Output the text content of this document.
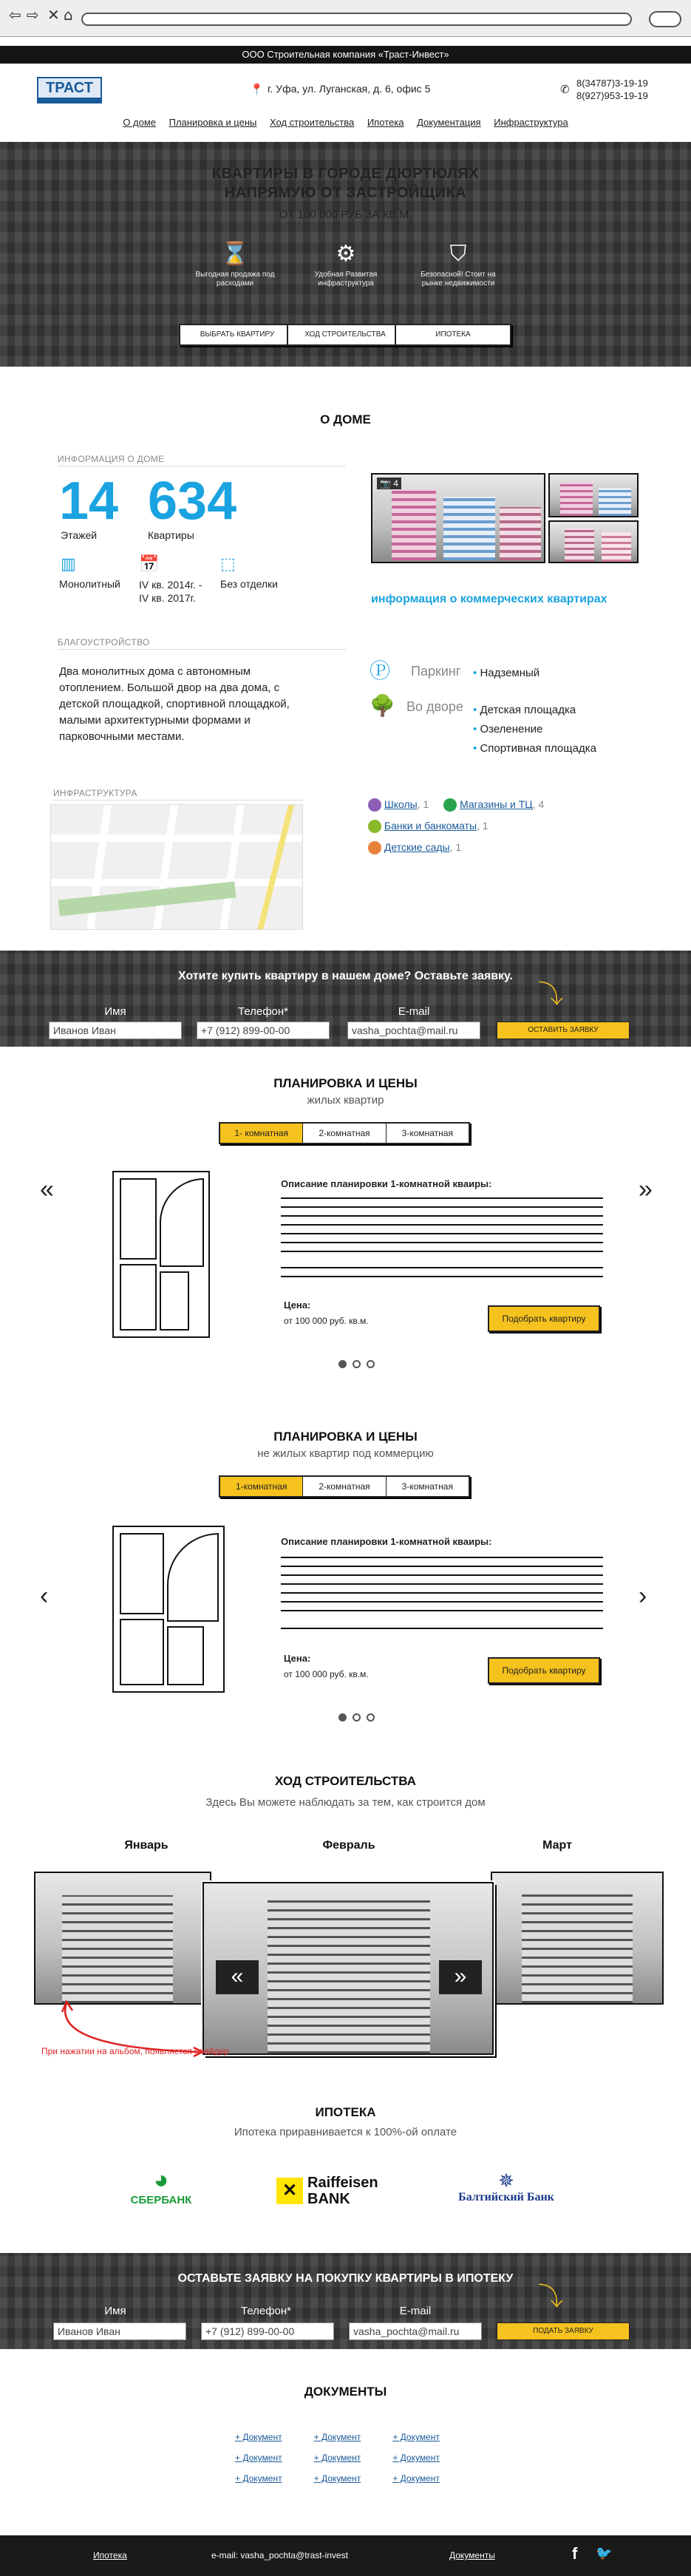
⇦ ⇨ ✕ ⌂
ООО Строительная компания «Траст-Инвест»
ТРАСТ	📍 г. Уфа, ул. Луганская, д. 6, офис 5	✆
8(34787)3-19-19
8(927)953-19-19
О доме Планировка и цены Ход строительства Ипотека Документация Инфраструктура
КВАРТИРЫ В ГОРОДЕ ДЮРТЮЛЯХ
НАПРЯМУЮ ОТ ЗАСТРОЙЩИКА
ОТ 100 000 РУБ ЗА КВ.М.
⌛
Выгодная продажа под расходами
⚙
Удобная Развитая инфраструктура
⛉
Безопасной! Стоит на рынке недвижимости
ВЫБРАТЬ КВАРТИРУ	ХОД СТРОИТЕЛЬСТВА	ИПОТЕКА
О ДОМЕ
ИНФОРМАЦИЯ О ДОМЕ
14
Этажей
634
Квартиры
▥
Монолитный
📅
IV кв. 2014г. -
IV кв. 2017г.
⬚
Без отделки
📷 4
информация о коммерческих квартирах
БЛАГОУСТРОЙСТВО
Два монолитных дома с автономным отоплением. Большой двор на два дома, с детской площадкой, спортивной площадкой, малыми архитектурными формами и парковочными местами.
Ⓟ Паркинг • Надземный
🌳 Во дворе • Детская площадка
• Озеленение
• Спортивная площадка
ИНФРАСТРУКТУРА
Школы, 1	Магазины и ТЦ, 4
Банки и банкоматы, 1
Детские сады, 1
Хотите купить квартиру в нашем доме? Оставьте заявку.
⤵
Имя	Телефон*	E-mail
Иванов Иван	+7 (912) 899-00-00	vasha_pochta@mail.ru	ОСТАВИТЬ ЗАЯВКУ
ПЛАНИРОВКА И ЦЕНЫ
жилых квартир
1- комнатная	2-комнатная	3-комнатная
«	»
Описание планировки 1-комнатной кваиры:
Цена:
от 100 000 руб. кв.м.	Подобрать квартиру
ПЛАНИРОВКА И ЦЕНЫ
не жилых квартир под коммерцию
1-комнатная	2-комнатная	3-комнатная
‹	›
Описание планировки 1-комнатной кваиры:
Цена:
от 100 000 руб. кв.м.	Подобрать квартиру
ХОД СТРОИТЕЛЬСТВА
Здесь Вы можете наблюдать за тем, как строится дом
Январь	Февраль	Март
«	»
При нажатии на альбом, появляется слайдер
ИПОТЕКА
Ипотека приравнивается к 100%-ой оплате
◕
СБЕРБАНК	✕ Raiffeisen BANK
✵
Балтийский Банк
ОСТАВЬТЕ ЗАЯВКУ НА ПОКУПКУ КВАРТИРЫ В ИПОТЕКУ
⤵
Имя	Телефон*	E-mail
Иванов Иван	+7 (912) 899-00-00	vasha_pochta@mail.ru	ПОДАТЬ ЗАЯВКУ
ДОКУМЕНТЫ
+ Документ	+ Документ	+ Документ
+ Документ	+ Документ	+ Документ
+ Документ	+ Документ	+ Документ
Ипотека	e-mail: vasha_pochta@trast-invest	Документы	f 🐦
